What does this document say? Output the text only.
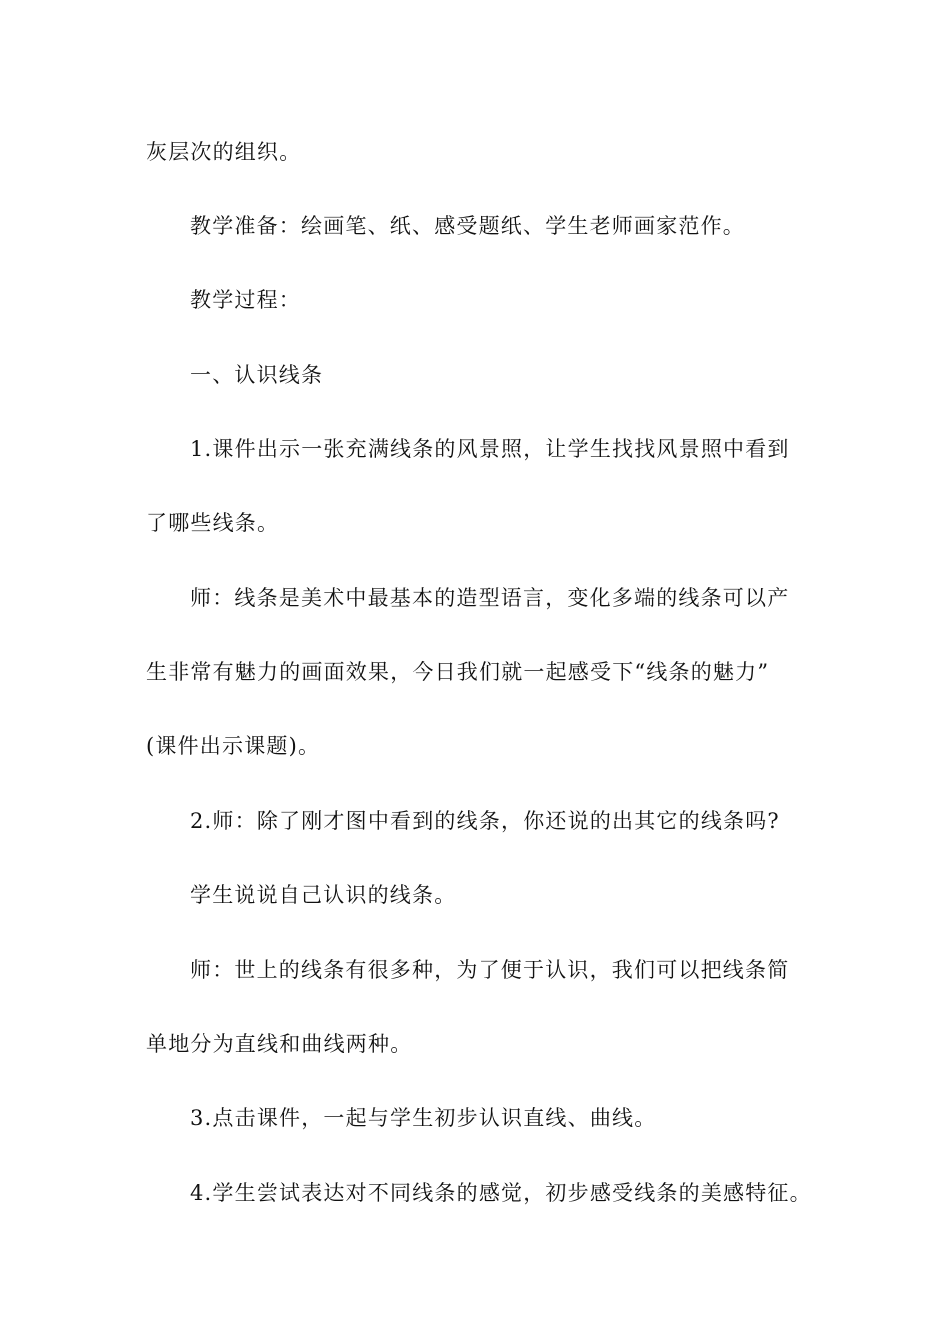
灰层次的组织。
教学准备：绘画笔、纸、感受题纸、学生老师画家范作。
教学过程：
一、认识线条
1.课件出示一张充满线条的风景照，让学生找找风景照中看到
了哪些线条。
师：线条是美术中最基本的造型语言，变化多端的线条可以产
生非常有魅力的画面效果，今日我们就一起感受下“线条的魅力”
(课件出示课题)。
2.师：除了刚才图中看到的线条，你还说的出其它的线条吗?
学生说说自己认识的线条。
师：世上的线条有很多种，为了便于认识，我们可以把线条简
单地分为直线和曲线两种。
3.点击课件，一起与学生初步认识直线、曲线。
4.学生尝试表达对不同线条的感觉，初步感受线条的美感特征。
